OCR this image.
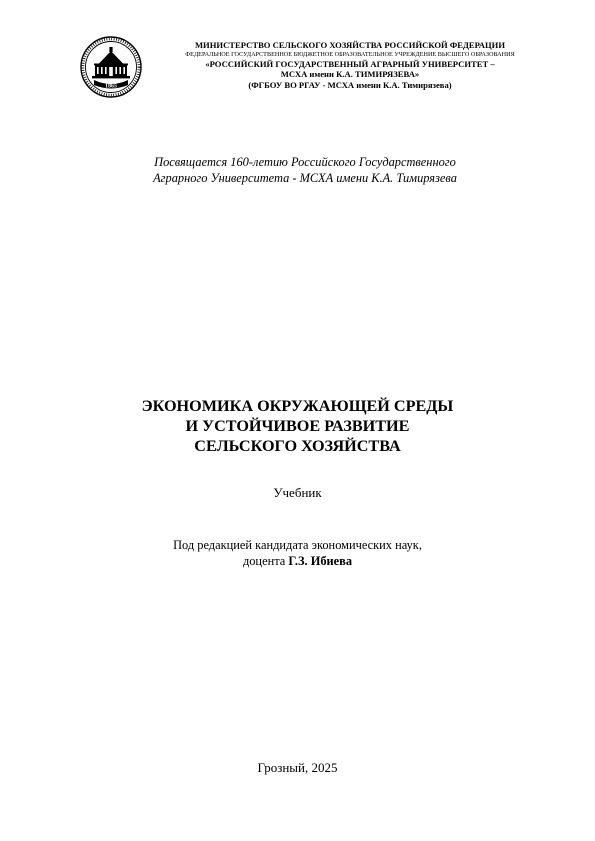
1865
МИНИСТЕРСТВО СЕЛЬСКОГО ХОЗЯЙСТВА РОССИЙСКОЙ ФЕДЕРАЦИИ
ФЕДЕРАЛЬНОЕ ГОСУДАРСТВЕННОЕ БЮДЖЕТНОЕ ОБРАЗОВАТЕЛЬНОЕ УЧРЕЖДЕНИЕ ВЫСШЕГО ОБРАЗОВАНИЯ
«РОССИЙСКИЙ ГОСУДАРСТВЕННЫЙ АГРАРНЫЙ УНИВЕРСИТЕТ –
МСХА имени К.А. ТИМИРЯЗЕВА»
(ФГБОУ ВО РГАУ - МСХА имени К.А. Тимирязева)
Посвящается 160-летию Российского Государственного
Аграрного Университета - МСХА имени К.А. Тимирязева
ЭКОНОМИКА ОКРУЖАЮЩЕЙ СРЕДЫ
И УСТОЙЧИВОЕ РАЗВИТИЕ
СЕЛЬСКОГО ХОЗЯЙСТВА
Учебник
Под редакцией кандидата экономических наук,
доцента Г.З. Ибиева
Грозный, 2025
